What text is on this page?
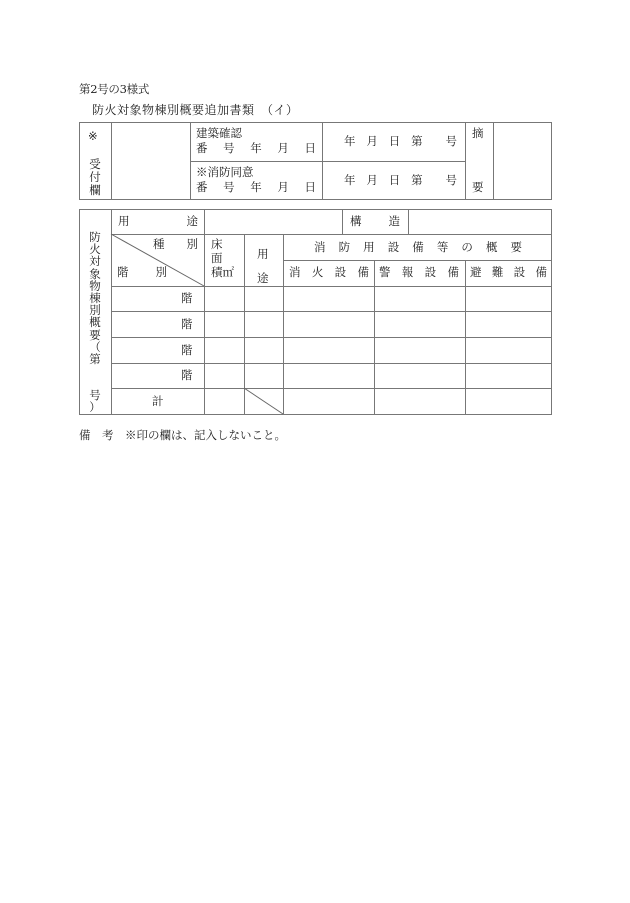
第2号の3様式
防火対象物棟別概要追加書類　（イ）
※
受
付
欄
建築確認
番 号 年 月 日 年 月 日 第 号
※消防同意
番 号 年 月 日 年 月 日 第 号
摘
要
防
火
対
象
物
棟
別
概
要
（
第
号
）
用	途	構 造
種 別
階 別
床
面
積㎡
用
途
消 防 用 設 備 等 の 概 要
消 火 設 備 警 報 設 備 避 難 設 備
階
階
階
階
計
備　考　※印の欄は、記入しないこと。
